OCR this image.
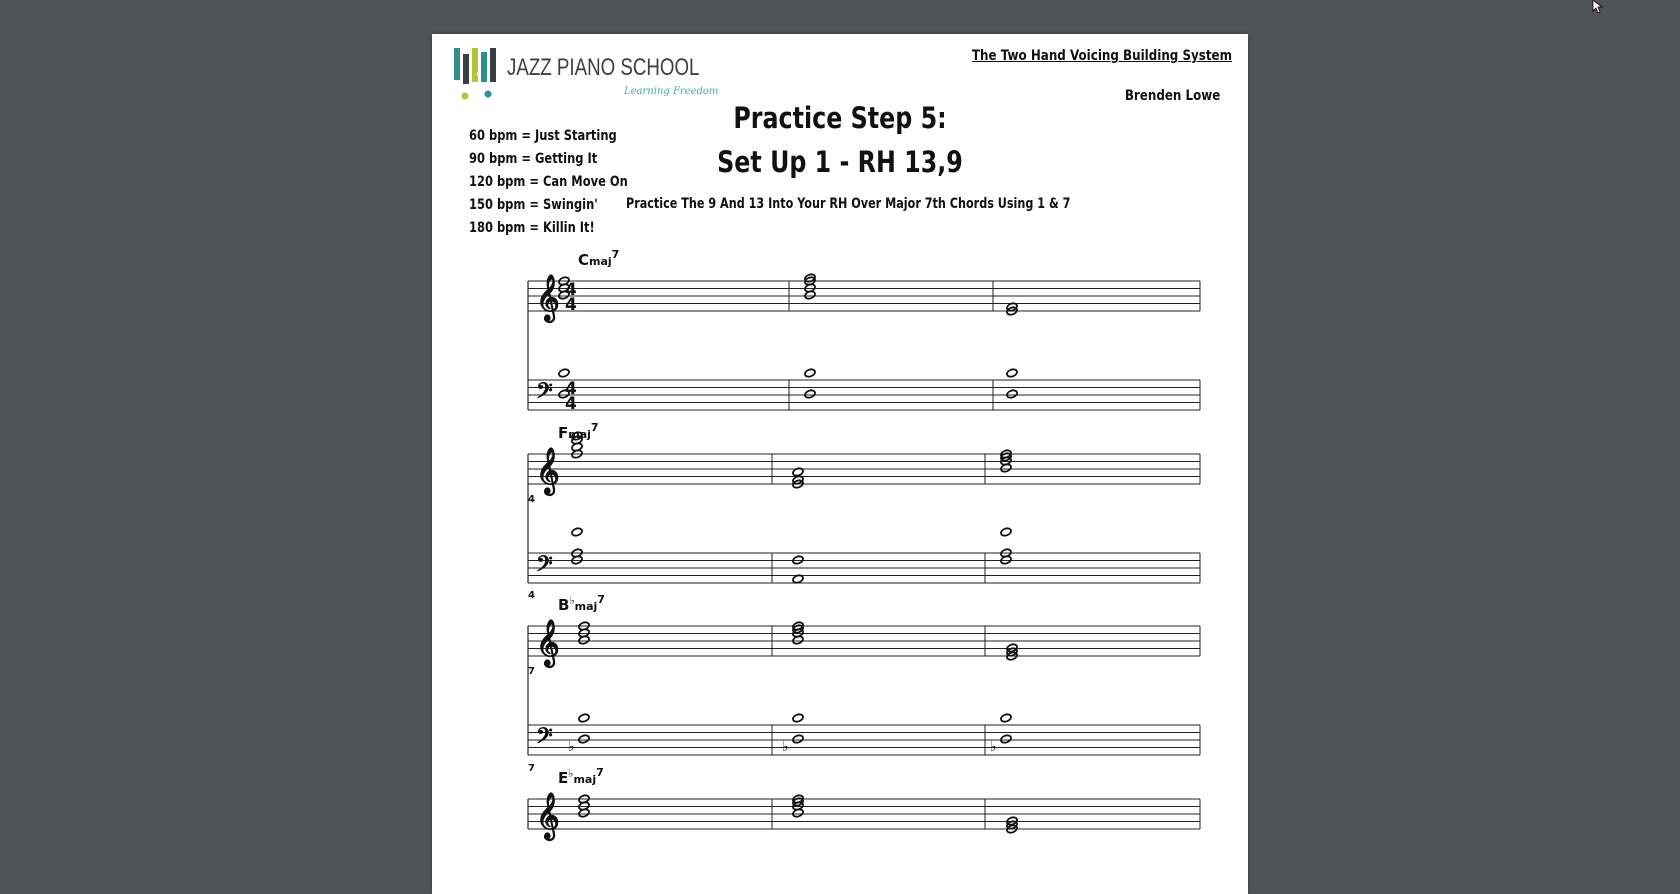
JAZZ PIANO SCHOOL
Learning Freedom
The Two Hand Voicing Building System
Brenden Lowe
Practice Step 5:
Set Up 1 - RH 13,9
Practice The 9 And 13 Into Your RH Over Major 7th Chords Using 1 & 7
60 bpm = Just Starting
90 bpm = Getting It
120 bpm = Can Move On
150 bpm = Swingin'
180 bpm = Killin It!
𝄞
𝄢
4
4
4
4
Cmaj$^7$
𝄞
𝄢
Fmaj$^7$
4
𝄞
𝄢
$B^♭_{maj}^7$
7
4
♭	♭	♭
𝄞
$E^♭_{maj}^7$
7
